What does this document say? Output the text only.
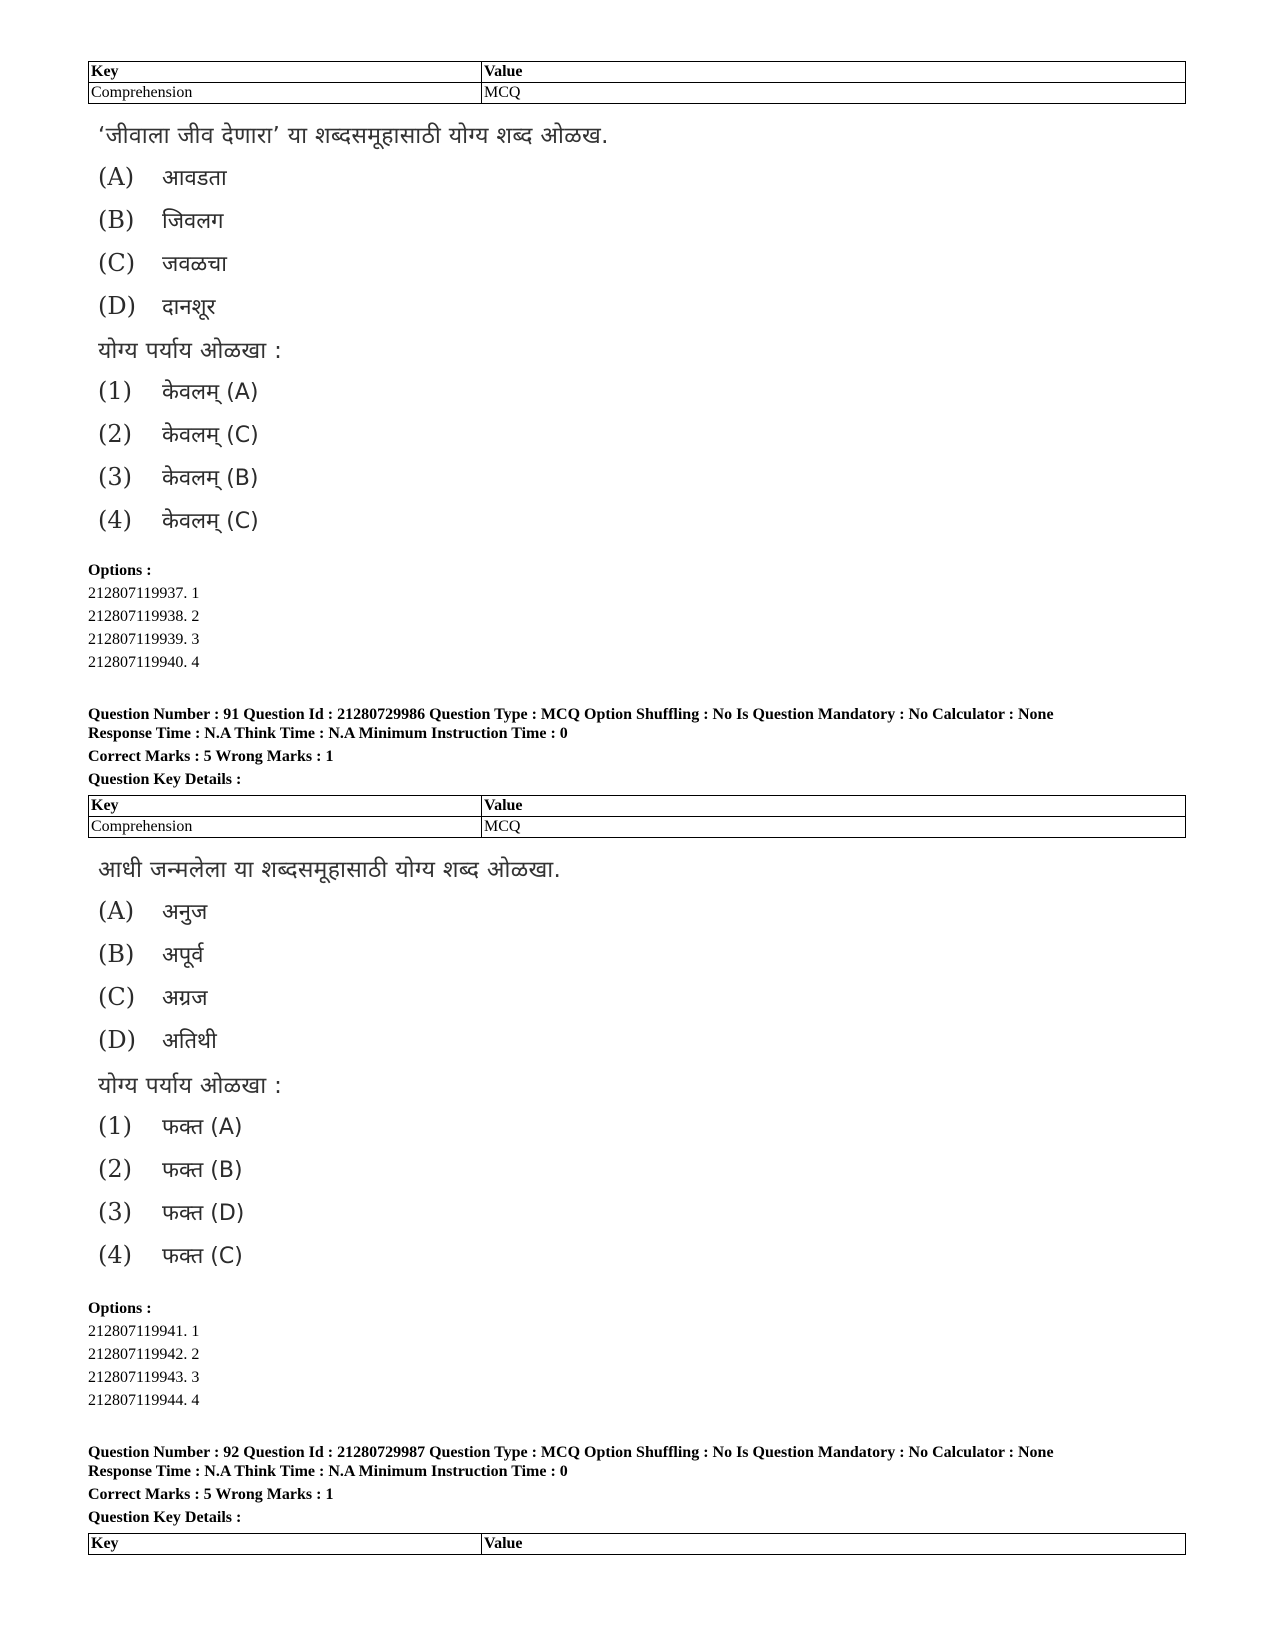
Key	Value
Comprehension	MCQ
‘जीवाला जीव देणारा’ या शब्दसमूहासाठी योग्य शब्द ओळख.
(A) आवडता
(B) जिवलग
(C) जवळचा
(D) दानशूर
योग्य पर्याय ओळखा :
(1) केवलम् (A)
(2) केवलम् (C)
(3) केवलम् (B)
(4) केवलम् (C)
Options :
212807119937. 1
212807119938. 2
212807119939. 3
212807119940. 4
Question Number : 91 Question Id : 21280729986 Question Type : MCQ Option Shuffling : No Is Question Mandatory : No Calculator : None
Response Time : N.A Think Time : N.A Minimum Instruction Time : 0
Correct Marks : 5 Wrong Marks : 1
Question Key Details :
Key	Value
Comprehension	MCQ
आधी जन्मलेला या शब्दसमूहासाठी योग्य शब्द ओळखा.
(A) अनुज
(B) अपूर्व
(C) अग्रज
(D) अतिथी
योग्य पर्याय ओळखा :
(1) फक्त (A)
(2) फक्त (B)
(3) फक्त (D)
(4) फक्त (C)
Options :
212807119941. 1
212807119942. 2
212807119943. 3
212807119944. 4
Question Number : 92 Question Id : 21280729987 Question Type : MCQ Option Shuffling : No Is Question Mandatory : No Calculator : None
Response Time : N.A Think Time : N.A Minimum Instruction Time : 0
Correct Marks : 5 Wrong Marks : 1
Question Key Details :
Key	Value
